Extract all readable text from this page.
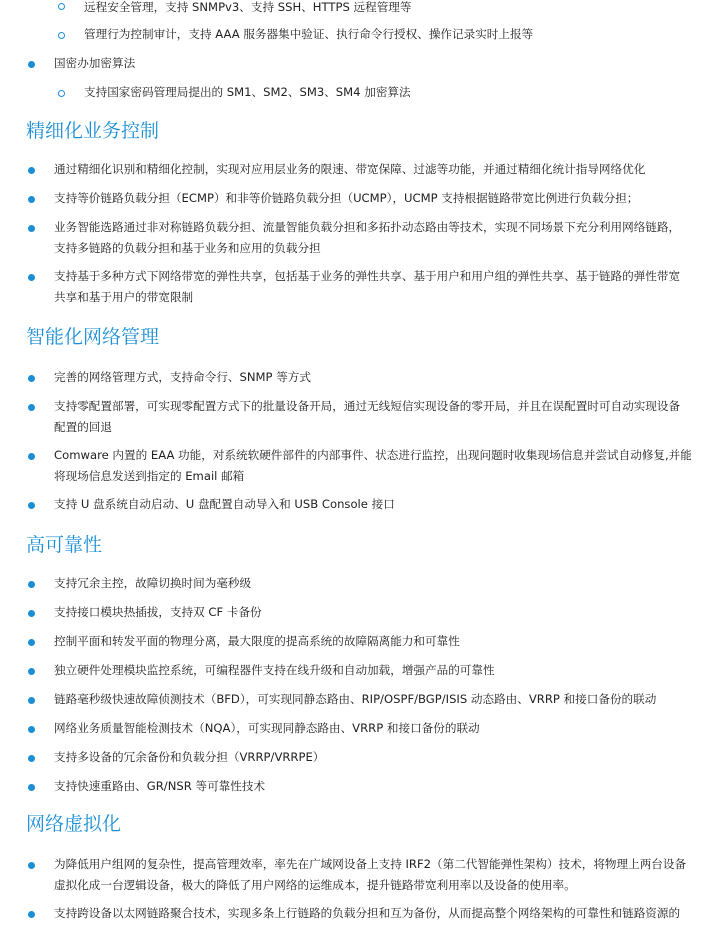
远程安全管理，支持 SNMPv3、支持 SSH、HTTPS 远程管理等
管理行为控制审计，支持 AAA 服务器集中验证、执行命令行授权、操作记录实时上报等
国密办加密算法
支持国家密码管理局提出的 SM1、SM2、SM3、SM4 加密算法
精细化业务控制
通过精细化识别和精细化控制，实现对应用层业务的限速、带宽保障、过滤等功能，并通过精细化统计指导网络优化
支持等价链路负载分担（ECMP）和非等价链路负载分担（UCMP），UCMP 支持根据链路带宽比例进行负载分担；
业务智能选路通过非对称链路负载分担、流量智能负载分担和多拓扑动态路由等技术，实现不同场景下充分利用网络链路，
支持多链路的负载分担和基于业务和应用的负载分担
支持基于多种方式下网络带宽的弹性共享，包括基于业务的弹性共享、基于用户和用户组的弹性共享、基于链路的弹性带宽
共享和基于用户的带宽限制
智能化网络管理
完善的网络管理方式，支持命令行、SNMP 等方式
支持零配置部署，可实现零配置方式下的批量设备开局，通过无线短信实现设备的零开局，并且在误配置时可自动实现设备
配置的回退
Comware 内置的 EAA 功能，对系统软硬件部件的内部事件、状态进行监控，出现问题时收集现场信息并尝试自动修复,并能
将现场信息发送到指定的 Email 邮箱
支持 U 盘系统自动启动、U 盘配置自动导入和 USB Console 接口
高可靠性
支持冗余主控，故障切换时间为毫秒级
支持接口模块热插拔，支持双 CF 卡备份
控制平面和转发平面的物理分离，最大限度的提高系统的故障隔离能力和可靠性
独立硬件处理模块监控系统，可编程器件支持在线升级和自动加载，增强产品的可靠性
链路毫秒级快速故障侦测技术（BFD），可实现同静态路由、RIP/OSPF/BGP/ISIS 动态路由、VRRP 和接口备份的联动
网络业务质量智能检测技术（NQA），可实现同静态路由、VRRP 和接口备份的联动
支持多设备的冗余备份和负载分担（VRRP/VRRPE）
支持快速重路由、GR/NSR 等可靠性技术
网络虚拟化
为降低用户组网的复杂性，提高管理效率，率先在广域网设备上支持 IRF2（第二代智能弹性架构）技术，将物理上两台设备
虚拟化成一台逻辑设备，极大的降低了用户网络的运维成本，提升链路带宽利用率以及设备的使用率。
支持跨设备以太网链路聚合技术，实现多条上行链路的负载分担和互为备份，从而提高整个网络架构的可靠性和链路资源的
